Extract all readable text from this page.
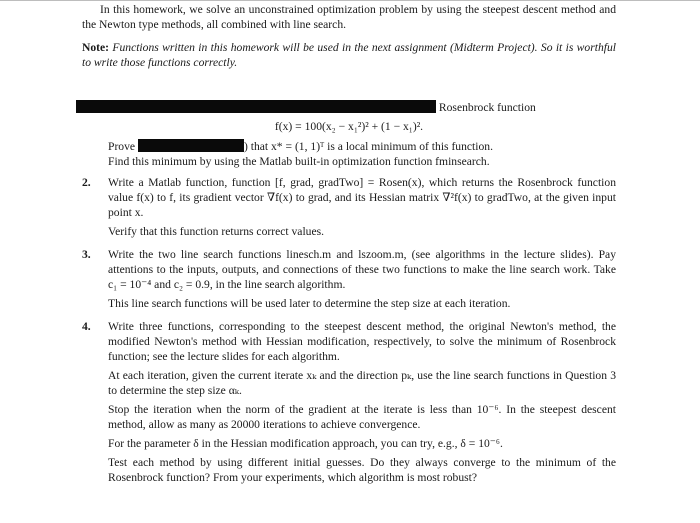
In this homework, we solve an unconstrained optimization problem by using the steepest descent method and the Newton type methods, all combined with line search.

Note: Functions written in this homework will be used in the next assignment (Midterm Project). So it is worthful to write those functions correctly.

Rosenbrock function

f(x) = 100(x₂ − x₁²)² + (1 − x₁)².

Prove	) that x* = (1, 1)ᵀ is a local minimum of this function.

Find this minimum by using the Matlab built-in optimization function fminsearch.

2. Write a Matlab function, function [f, grad, gradTwo] = Rosen(x), which returns the Rosenbrock function value f(x) to f, its gradient vector ∇f(x) to grad, and its Hessian matrix ∇²f(x) to gradTwo, at the given input point x.

Verify that this function returns correct values.

3. Write the two line search functions linesch.m and lszoom.m, (see algorithms in the lecture slides). Pay attentions to the inputs, outputs, and connections of these two functions to make the line search work. Take c₁ = 10⁻⁴ and c₂ = 0.9, in the line search algorithm.

This line search functions will be used later to determine the step size at each iteration.

4. Write three functions, corresponding to the steepest descent method, the original Newton's method, the modified Newton's method with Hessian modification, respectively, to solve the minimum of Rosenbrock function; see the lecture slides for each algorithm.

At each iteration, given the current iterate xₖ and the direction pₖ, use the line search functions in Question 3 to determine the step size αₖ.

Stop the iteration when the norm of the gradient at the iterate is less than 10⁻⁶. In the steepest descent method, allow as many as 20000 iterations to achieve convergence.

For the parameter δ in the Hessian modification approach, you can try, e.g., δ = 10⁻⁶.

Test each method by using different initial guesses. Do they always converge to the minimum of the Rosenbrock function? From your experiments, which algorithm is most robust?
